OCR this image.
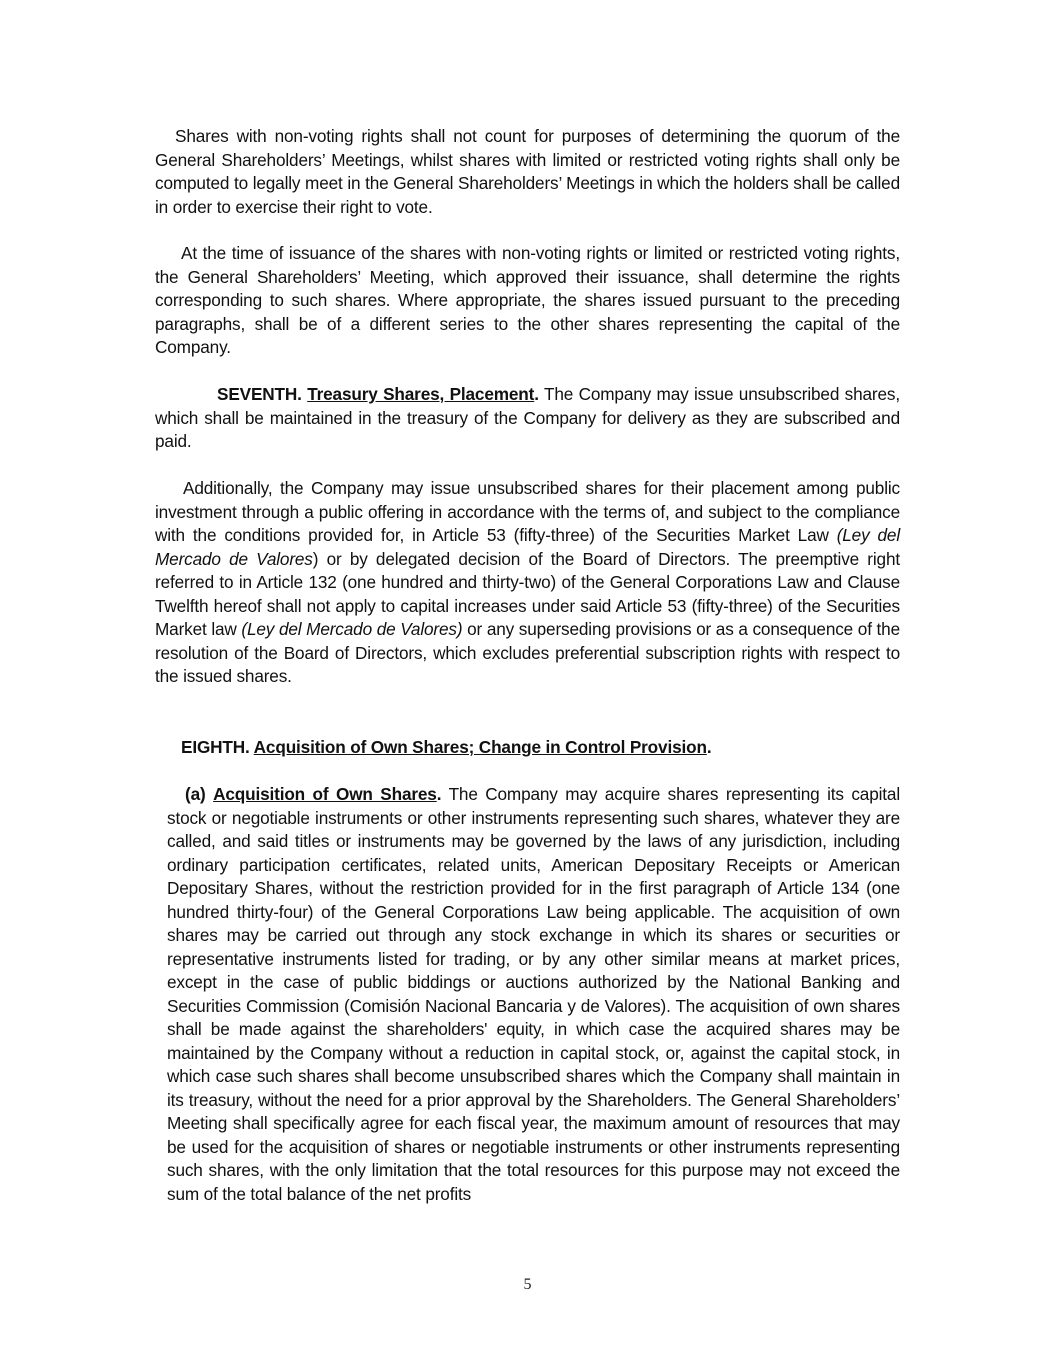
Shares with non-voting rights shall not count for purposes of determining the quorum of the General Shareholders’ Meetings, whilst shares with limited or restricted voting rights shall only be computed to legally meet in the General Shareholders’ Meetings in which the holders shall be called in order to exercise their right to vote.

At the time of issuance of the shares with non-voting rights or limited or restricted voting rights, the General Shareholders’ Meeting, which approved their issuance, shall determine the rights corresponding to such shares. Where appropriate, the shares issued pursuant to the preceding paragraphs, shall be of a different series to the other shares representing the capital of the Company.

SEVENTH. Treasury Shares, Placement. The Company may issue unsubscribed shares, which shall be maintained in the treasury of the Company for delivery as they are subscribed and paid.

Additionally, the Company may issue unsubscribed shares for their placement among public investment through a public offering in accordance with the terms of, and subject to the compliance with the conditions provided for, in Article 53 (fifty-three) of the Securities Market Law (Ley del Mercado de Valores) or by delegated decision of the Board of Directors. The preemptive right referred to in Article 132 (one hundred and thirty-two) of the General Corporations Law and Clause Twelfth hereof shall not apply to capital increases under said Article 53 (fifty-three) of the Securities Market law (Ley del Mercado de Valores) or any superseding provisions or as a consequence of the resolution of the Board of Directors, which excludes preferential subscription rights with respect to the issued shares.

EIGHTH. Acquisition of Own Shares; Change in Control Provision.

(a) Acquisition of Own Shares. The Company may acquire shares representing its capital stock or negotiable instruments or other instruments representing such shares, whatever they are called, and said titles or instruments may be governed by the laws of any jurisdiction, including ordinary participation certificates, related units, American Depositary Receipts or American Depositary Shares, without the restriction provided for in the first paragraph of Article 134 (one hundred thirty-four) of the General Corporations Law being applicable. The acquisition of own shares may be carried out through any stock exchange in which its shares or securities or representative instruments listed for trading, or by any other similar means at market prices, except in the case of public biddings or auctions authorized by the National Banking and Securities Commission (Comisión Nacional Bancaria y de Valores). The acquisition of own shares shall be made against the shareholders' equity, in which case the acquired shares may be maintained by the Company without a reduction in capital stock, or, against the capital stock, in which case such shares shall become unsubscribed shares which the Company shall maintain in its treasury, without the need for a prior approval by the Shareholders. The General Shareholders’ Meeting shall specifically agree for each fiscal year, the maximum amount of resources that may be used for the acquisition of shares or negotiable instruments or other instruments representing such shares, with the only limitation that the total resources for this purpose may not exceed the sum of the total balance of the net profits

5
